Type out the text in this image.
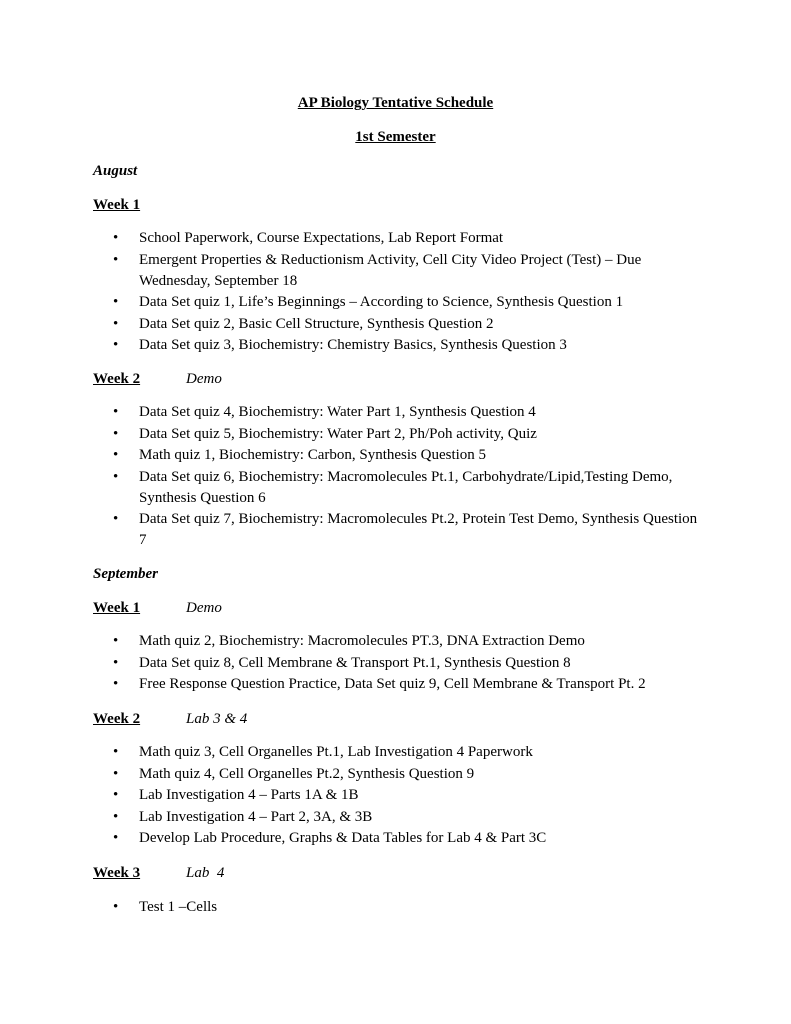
AP Biology Tentative Schedule
1st Semester
August
Week 1
• School Paperwork, Course Expectations, Lab Report Format
• Emergent Properties & Reductionism Activity, Cell City Video Project (Test) – Due Wednesday, September 18
• Data Set quiz 1, Life’s Beginnings – According to Science, Synthesis Question 1
• Data Set quiz 2, Basic Cell Structure, Synthesis Question 2
• Data Set quiz 3, Biochemistry: Chemistry Basics, Synthesis Question 3
Week 2	Demo
• Data Set quiz 4, Biochemistry: Water Part 1, Synthesis Question 4
• Data Set quiz 5, Biochemistry: Water Part 2, Ph/Poh activity, Quiz
• Math quiz 1, Biochemistry: Carbon, Synthesis Question 5
• Data Set quiz 6, Biochemistry: Macromolecules Pt.1, Carbohydrate/Lipid,Testing Demo, Synthesis Question 6
• Data Set quiz 7, Biochemistry: Macromolecules Pt.2, Protein Test Demo, Synthesis Question 7
September
Week 1	Demo
• Math quiz 2, Biochemistry: Macromolecules PT.3, DNA Extraction Demo
• Data Set quiz 8, Cell Membrane & Transport Pt.1, Synthesis Question 8
• Free Response Question Practice, Data Set quiz 9, Cell Membrane & Transport Pt. 2
Week 2	Lab 3 & 4
• Math quiz 3, Cell Organelles Pt.1, Lab Investigation 4 Paperwork
• Math quiz 4, Cell Organelles Pt.2, Synthesis Question 9
• Lab Investigation 4 – Parts 1A & 1B
• Lab Investigation 4 – Part 2, 3A, & 3B
• Develop Lab Procedure, Graphs & Data Tables for Lab 4 & Part 3C
Week 3	Lab  4
• Test 1 –Cells
